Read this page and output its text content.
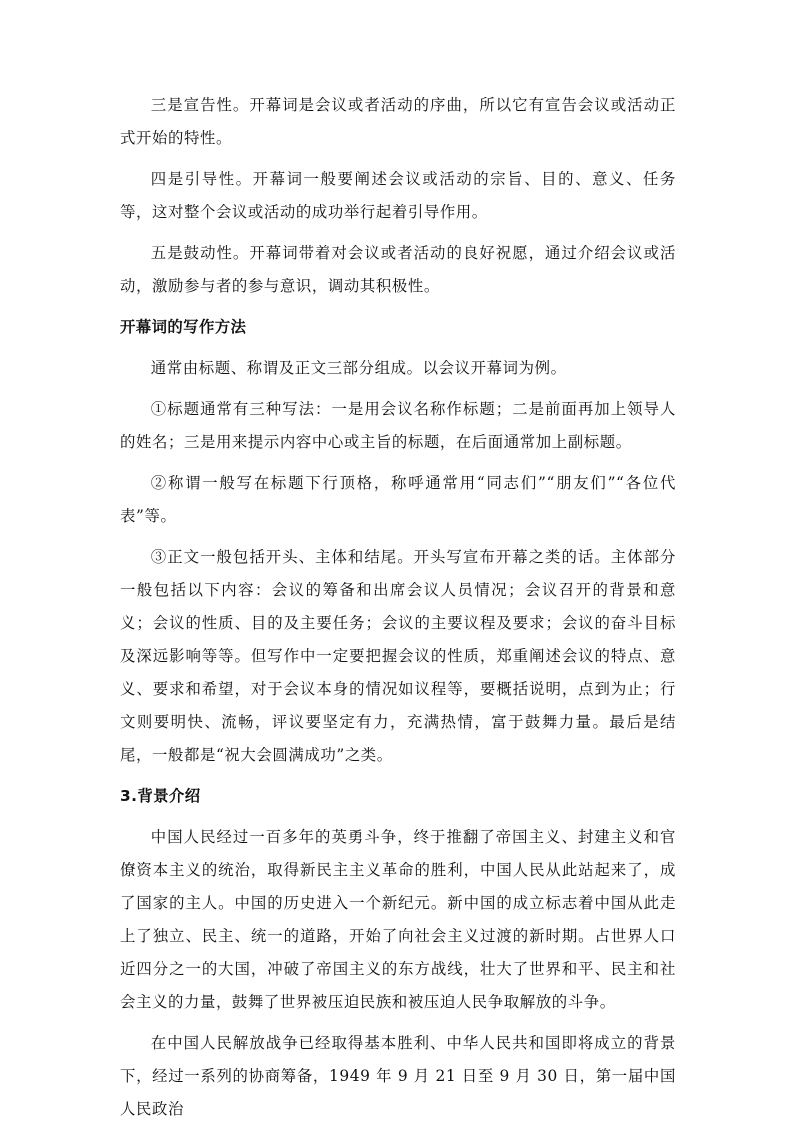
三是宣告性。开幕词是会议或者活动的序曲，所以它有宣告会议或活动正式开始的特性。

四是引导性。开幕词一般要阐述会议或活动的宗旨、目的、意义、任务等，这对整个会议或活动的成功举行起着引导作用。

五是鼓动性。开幕词带着对会议或者活动的良好祝愿，通过介绍会议或活动，激励参与者的参与意识，调动其积极性。

开幕词的写作方法

通常由标题、称谓及正文三部分组成。以会议开幕词为例。

①标题通常有三种写法：一是用会议名称作标题；二是前面再加上领导人的姓名；三是用来提示内容中心或主旨的标题，在后面通常加上副标题。

②称谓一般写在标题下行顶格，称呼通常用“同志们”“朋友们”“各位代表”等。

③正文一般包括开头、主体和结尾。开头写宣布开幕之类的话。主体部分一般包括以下内容：会议的筹备和出席会议人员情况；会议召开的背景和意义；会议的性质、目的及主要任务；会议的主要议程及要求；会议的奋斗目标及深远影响等等。但写作中一定要把握会议的性质，郑重阐述会议的特点、意义、要求和希望，对于会议本身的情况如议程等，要概括说明，点到为止；行文则要明快、流畅，评议要坚定有力，充满热情，富于鼓舞力量。最后是结尾，一般都是“祝大会圆满成功”之类。

3.背景介绍

中国人民经过一百多年的英勇斗争，终于推翻了帝国主义、封建主义和官僚资本主义的统治，取得新民主主义革命的胜利，中国人民从此站起来了，成了国家的主人。中国的历史进入一个新纪元。新中国的成立标志着中国从此走上了独立、民主、统一的道路，开始了向社会主义过渡的新时期。占世界人口近四分之一的大国，冲破了帝国主义的东方战线，壮大了世界和平、民主和社会主义的力量，鼓舞了世界被压迫民族和被压迫人民争取解放的斗争。

在中国人民解放战争已经取得基本胜利、中华人民共和国即将成立的背景下，经过一系列的协商筹备，1949 年 9 月 21 日至 9 月 30 日，第一届中国人民政治
